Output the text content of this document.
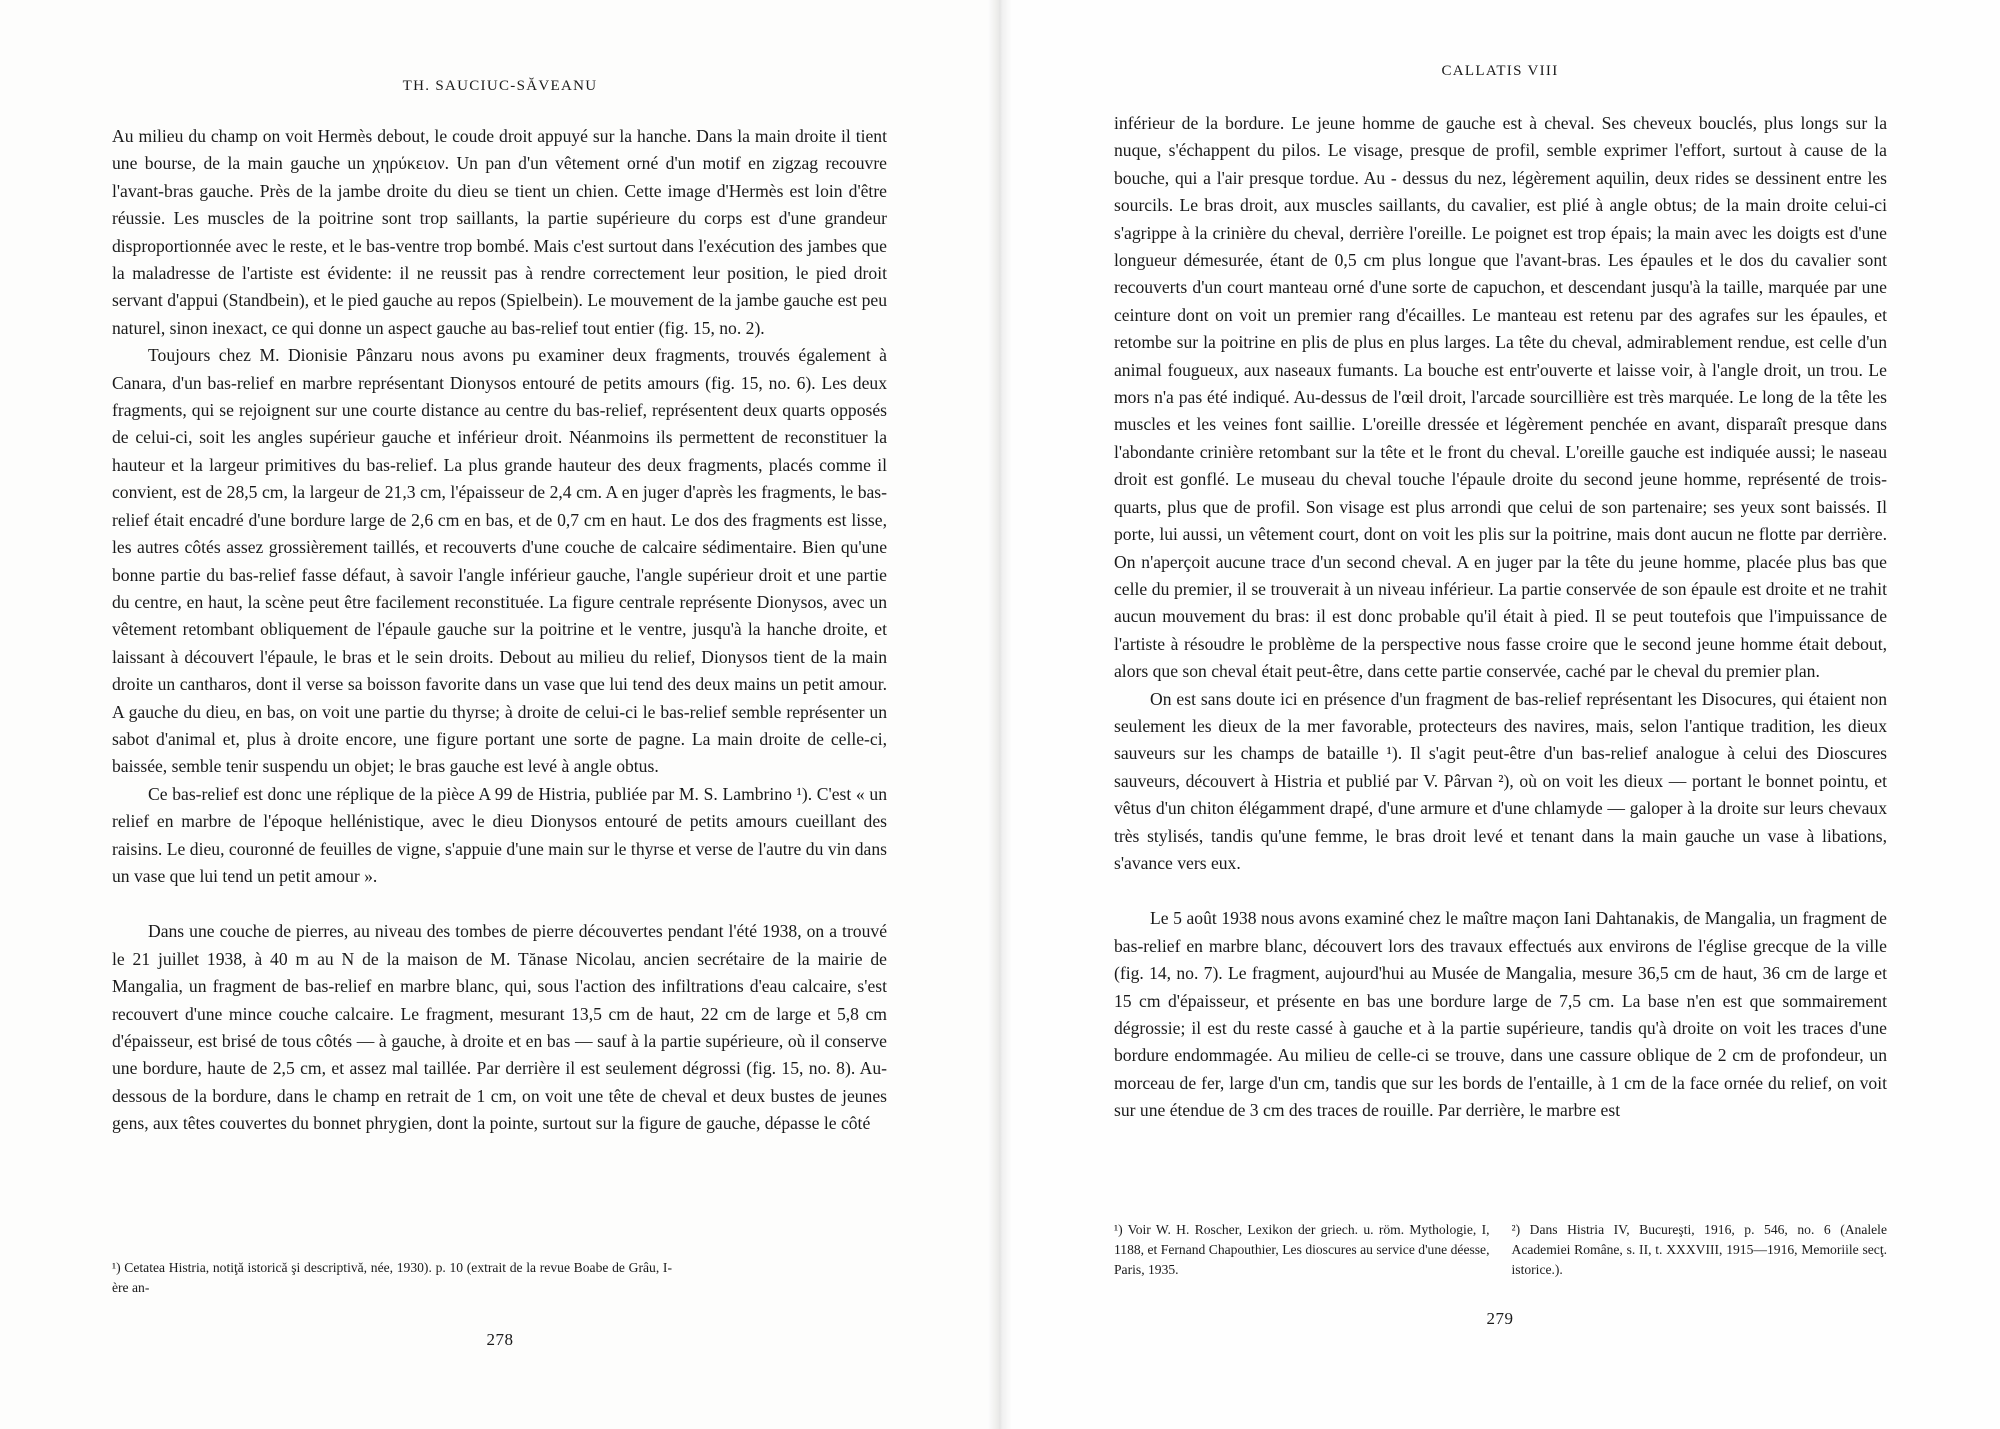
TH. SAUCIUC-SĂVEANU

Au milieu du champ on voit Hermès debout, le coude droit appuyé sur la hanche. Dans la main droite il tient une bourse, de la main gauche un χηρύκειον. Un pan d'un vêtement orné d'un motif en zigzag recouvre l'avant-bras gauche. Près de la jambe droite du dieu se tient un chien. Cette image d'Hermès est loin d'être réussie. Les muscles de la poitrine sont trop saillants, la partie supérieure du corps est d'une grandeur disproportionnée avec le reste, et le bas-ventre trop bombé. Mais c'est surtout dans l'exécution des jambes que la maladresse de l'artiste est évidente: il ne reussit pas à rendre correctement leur position, le pied droit servant d'appui (Standbein), et le pied gauche au repos (Spielbein). Le mouvement de la jambe gauche est peu naturel, sinon inexact, ce qui donne un aspect gauche au bas-relief tout entier (fig. 15, no. 2).

Toujours chez M. Dionisie Pânzaru nous avons pu examiner deux fragments, trouvés également à Canara, d'un bas-relief en marbre représentant Dionysos entouré de petits amours (fig. 15, no. 6). Les deux fragments, qui se rejoignent sur une courte distance au centre du bas-relief, représentent deux quarts opposés de celui-ci, soit les angles supérieur gauche et inférieur droit. Néanmoins ils permettent de reconstituer la hauteur et la largeur primitives du bas-relief. La plus grande hauteur des deux fragments, placés comme il convient, est de 28,5 cm, la largeur de 21,3 cm, l'épaisseur de 2,4 cm. A en juger d'après les fragments, le bas-relief était encadré d'une bordure large de 2,6 cm en bas, et de 0,7 cm en haut. Le dos des fragments est lisse, les autres côtés assez grossièrement taillés, et recouverts d'une couche de calcaire sédimentaire. Bien qu'une bonne partie du bas-relief fasse défaut, à savoir l'angle inférieur gauche, l'angle supérieur droit et une partie du centre, en haut, la scène peut être facilement reconstituée. La figure centrale représente Dionysos, avec un vêtement retombant obliquement de l'épaule gauche sur la poitrine et le ventre, jusqu'à la hanche droite, et laissant à découvert l'épaule, le bras et le sein droits. Debout au milieu du relief, Dionysos tient de la main droite un cantharos, dont il verse sa boisson favorite dans un vase que lui tend des deux mains un petit amour. A gauche du dieu, en bas, on voit une partie du thyrse; à droite de celui-ci le bas-relief semble représenter un sabot d'animal et, plus à droite encore, une figure portant une sorte de pagne. La main droite de celle-ci, baissée, semble tenir suspendu un objet; le bras gauche est levé à angle obtus.

Ce bas-relief est donc une réplique de la pièce A 99 de Histria, publiée par M. S. Lambrino ¹). C'est « un relief en marbre de l'époque hellénistique, avec le dieu Dionysos entouré de petits amours cueillant des raisins. Le dieu, couronné de feuilles de vigne, s'appuie d'une main sur le thyrse et verse de l'autre du vin dans un vase que lui tend un petit amour ».

Dans une couche de pierres, au niveau des tombes de pierre découvertes pendant l'été 1938, on a trouvé le 21 juillet 1938, à 40 m au N de la maison de M. Tănase Nicolau, ancien secrétaire de la mairie de Mangalia, un fragment de bas-relief en marbre blanc, qui, sous l'action des infiltrations d'eau calcaire, s'est recouvert d'une mince couche calcaire. Le fragment, mesurant 13,5 cm de haut, 22 cm de large et 5,8 cm d'épaisseur, est brisé de tous côtés — à gauche, à droite et en bas — sauf à la partie supérieure, où il conserve une bordure, haute de 2,5 cm, et assez mal taillée. Par derrière il est seulement dégrossi (fig. 15, no. 8). Au-dessous de la bordure, dans le champ en retrait de 1 cm, on voit une tête de cheval et deux bustes de jeunes gens, aux têtes couvertes du bonnet phrygien, dont la pointe, surtout sur la figure de gauche, dépasse le côté

¹) Cetatea Histria, notiţă istorică şi descriptivă, née, 1930). p. 10 (extrait de la revue Boabe de Grâu, I-ère an-

278
CALLATIS VIII

inférieur de la bordure. Le jeune homme de gauche est à cheval. Ses cheveux bouclés, plus longs sur la nuque, s'échappent du pilos. Le visage, presque de profil, semble exprimer l'effort, surtout à cause de la bouche, qui a l'air presque tordue. Au - dessus du nez, légèrement aquilin, deux rides se dessinent entre les sourcils. Le bras droit, aux muscles saillants, du cavalier, est plié à angle obtus; de la main droite celui-ci s'agrippe à la crinière du cheval, derrière l'oreille. Le poignet est trop épais; la main avec les doigts est d'une longueur démesurée, étant de 0,5 cm plus longue que l'avant-bras. Les épaules et le dos du cavalier sont recouverts d'un court manteau orné d'une sorte de capuchon, et descendant jusqu'à la taille, marquée par une ceinture dont on voit un premier rang d'écailles. Le manteau est retenu par des agrafes sur les épaules, et retombe sur la poitrine en plis de plus en plus larges. La tête du cheval, admirablement rendue, est celle d'un animal fougueux, aux naseaux fumants. La bouche est entr'ouverte et laisse voir, à l'angle droit, un trou. Le mors n'a pas été indiqué. Au-dessus de l'œil droit, l'arcade sourcillière est très marquée. Le long de la tête les muscles et les veines font saillie. L'oreille dressée et légèrement penchée en avant, disparaît presque dans l'abondante crinière retombant sur la tête et le front du cheval. L'oreille gauche est indiquée aussi; le naseau droit est gonflé. Le museau du cheval touche l'épaule droite du second jeune homme, représenté de trois- quarts, plus que de profil. Son visage est plus arrondi que celui de son partenaire; ses yeux sont baissés. Il porte, lui aussi, un vêtement court, dont on voit les plis sur la poitrine, mais dont aucun ne flotte par derrière. On n'aperçoit aucune trace d'un second cheval. A en juger par la tête du jeune homme, placée plus bas que celle du premier, il se trouverait à un niveau inférieur. La partie conservée de son épaule est droite et ne trahit aucun mouvement du bras: il est donc probable qu'il était à pied. Il se peut toutefois que l'impuissance de l'artiste à résoudre le problème de la perspective nous fasse croire que le second jeune homme était debout, alors que son cheval était peut-être, dans cette partie conservée, caché par le cheval du premier plan.

On est sans doute ici en présence d'un fragment de bas-relief représentant les Disocures, qui étaient non seulement les dieux de la mer favorable, protecteurs des navires, mais, selon l'antique tradition, les dieux sauveurs sur les champs de bataille ¹). Il s'agit peut-être d'un bas-relief analogue à celui des Dioscures sauveurs, découvert à Histria et publié par V. Pârvan ²), où on voit les dieux — portant le bonnet pointu, et vêtus d'un chiton élégamment drapé, d'une armure et d'une chlamyde — galoper à la droite sur leurs chevaux très stylisés, tandis qu'une femme, le bras droit levé et tenant dans la main gauche un vase à libations, s'avance vers eux.

Le 5 août 1938 nous avons examiné chez le maître maçon Iani Dahtanakis, de Mangalia, un fragment de bas-relief en marbre blanc, découvert lors des travaux effectués aux environs de l'église grecque de la ville (fig. 14, no. 7). Le fragment, aujourd'hui au Musée de Mangalia, mesure 36,5 cm de haut, 36 cm de large et 15 cm d'épaisseur, et présente en bas une bordure large de 7,5 cm. La base n'en est que sommairement dégrossie; il est du reste cassé à gauche et à la partie supérieure, tandis qu'à droite on voit les traces d'une bordure endommagée. Au milieu de celle-ci se trouve, dans une cassure oblique de 2 cm de profondeur, un morceau de fer, large d'un cm, tandis que sur les bords de l'entaille, à 1 cm de la face ornée du relief, on voit sur une étendue de 3 cm des traces de rouille. Par derrière, le marbre est

¹) Voir W. H. Roscher, Lexikon der griech. u. röm. Mythologie, I, 1188, et Fernand Chapouthier, Les dioscures au service d'une déesse, Paris, 1935.

²) Dans Histria IV, Bucureşti, 1916, p. 546, no. 6 (Analele Academiei Române, s. II, t. XXXVIII, 1915—1916, Memoriile secţ. istorice.).

279
